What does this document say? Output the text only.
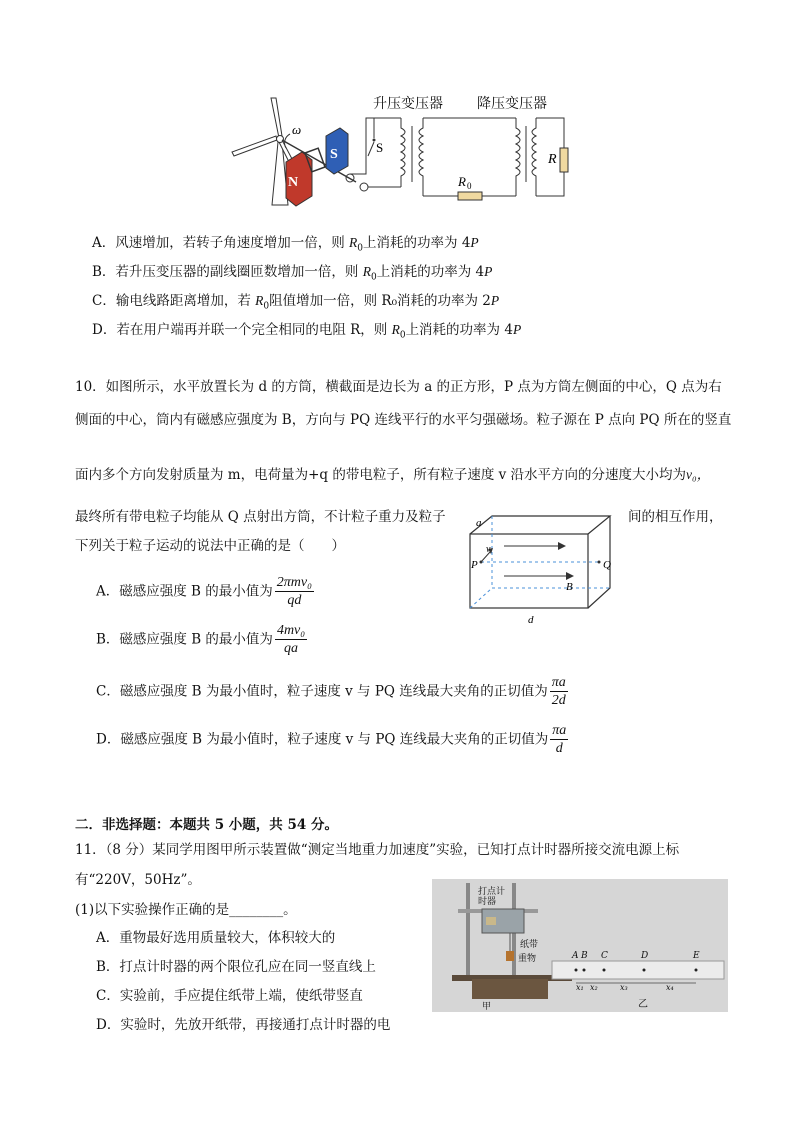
ω
N
S	S
R 0
R
升压变压器 降压变压器
A．风速增加，若转子角速度增加一倍，则 $R_0$上消耗的功率为 4P
B．若升压变压器的副线圈匝数增加一倍，则 $R_0$上消耗的功率为 4P
C．输电线路距离增加，若 $R_0$阻值增加一倍，则 R₀消耗的功率为 2P
D．若在用户端再并联一个完全相同的电阻 R，则 $R_0$上消耗的功率为 4P
10．如图所示，水平放置长为 d 的方筒，横截面是边长为 a 的正方形，P 点为方筒左侧面的中心，Q 点为右
侧面的中心，筒内有磁感应强度为 B，方向与 PQ 连线平行的水平匀强磁场。粒子源在 P 点向 PQ 所在的竖直
面内多个方向发射质量为 m，电荷量为+q 的带电粒子，所有粒子速度 v 沿水平方向的分速度大小均为v₀，
最终所有带电粒子均能从 Q 点射出方筒，不计粒子重力及粒子	间的相互作用，
下列关于粒子运动的说法中正确的是（　　）
a
P	Q
v
B
d
A．磁感应强度 B 的最小值为 $\frac{\text{2πmv₀}}{qd}$
B．磁感应强度 B 的最小值为 $\frac{\text{4mv₀}}{qa}$
C．磁感应强度 B 为最小值时，粒子速度 v 与 PQ 连线最大夹角的正切值为 $\frac{\pi a}{2d}$
D．磁感应强度 B 为最小值时，粒子速度 v 与 PQ 连线最大夹角的正切值为 $\frac{\pi a}{d}$
二．非选择题：本题共 5 小题，共 54 分。
11．（8 分）某同学用图甲所示装置做“测定当地重力加速度”实验，已知打点计时器所接交流电源上标
有“220V，50Hz”。
(1)以下实验操作正确的是________。
A．重物最好选用质量较大，体积较大的
B．打点计时器的两个限位孔应在同一竖直线上
C．实验前，手应提住纸带上端，使纸带竖直
D．实验时，先放开纸带，再接通打点计时器的电
打点计时器
纸带
重物
甲	乙
A B C	D	E
x₁ x₂	x₃	x₄
